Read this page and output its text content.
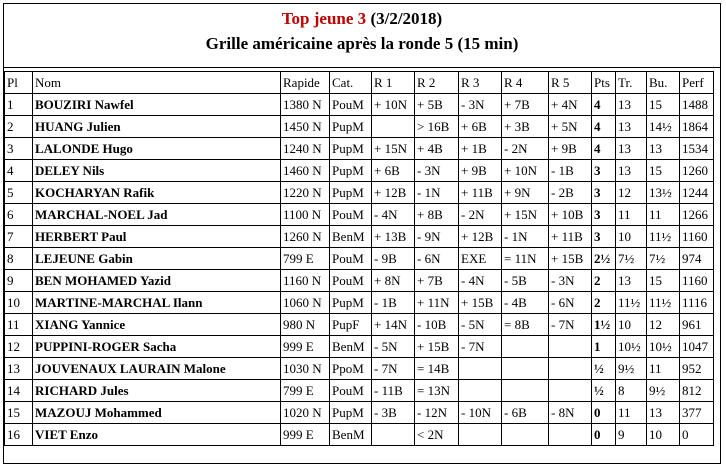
Top jeune 3 (3/2/2018)
Grille américaine après la ronde 5 (15 min)
Pl	Nom	Rapide	Cat.	R 1	R 2	R 3	R 4	R 5	Pts	Tr.	Bu.	Perf
1	BOUZIRI Nawfel	1380 N	PouM	+ 10N	+ 5B	- 3N	+ 7B	+ 4N	4	13	15	1488
2	HUANG Julien	1450 N	PupM		> 16B	+ 6B	+ 3B	+ 5N	4	13	14½	1864
3	LALONDE Hugo	1240 N	PupM	+ 15N	+ 4B	+ 1B	- 2N	+ 9B	4	13	13	1534
4	DELEY Nils	1460 N	PupM	+ 6B	- 3N	+ 9B	+ 10N	- 1B	3	13	15	1260
5	KOCHARYAN Rafik	1220 N	PupM	+ 12B	- 1N	+ 11B	+ 9N	- 2B	3	12	13½	1244
6	MARCHAL-NOEL Jad	1100 N	PouM	- 4N	+ 8B	- 2N	+ 15N	+ 10B	3	11	11	1266
7	HERBERT Paul	1260 N	BenM	+ 13B	- 9N	+ 12B	- 1N	+ 11B	3	10	11½	1160
8	LEJEUNE Gabin	799 E	PouM	- 9B	- 6N	EXE	= 11N	+ 15B	2½	7½	7½	974
9	BEN MOHAMED Yazid	1160 N	PouM	+ 8N	+ 7B	- 4N	- 5B	- 3N	2	13	15	1160
10	MARTINE-MARCHAL Ilann	1060 N	PupM	- 1B	+ 11N	+ 15B	- 4B	- 6N	2	11½	11½	1116
11	XIANG Yannice	980 N	PupF	+ 14N	- 10B	- 5N	= 8B	- 7N	1½	10	12	961
12	PUPPINI-ROGER Sacha	999 E	BenM	- 5N	+ 15B	- 7N			1	10½	10½	1047
13	JOUVENAUX LAURAIN Malone	1030 N	PpoM	- 7N	= 14B				½	9½	11	952
14	RICHARD Jules	799 E	PouM	- 11B	= 13N				½	8	9½	812
15	MAZOUJ Mohammed	1020 N	PupM	- 3B	- 12N	- 10N	- 6B	- 8N	0	11	13	377
16	VIET Enzo	999 E	BenM		< 2N				0	9	10	0
